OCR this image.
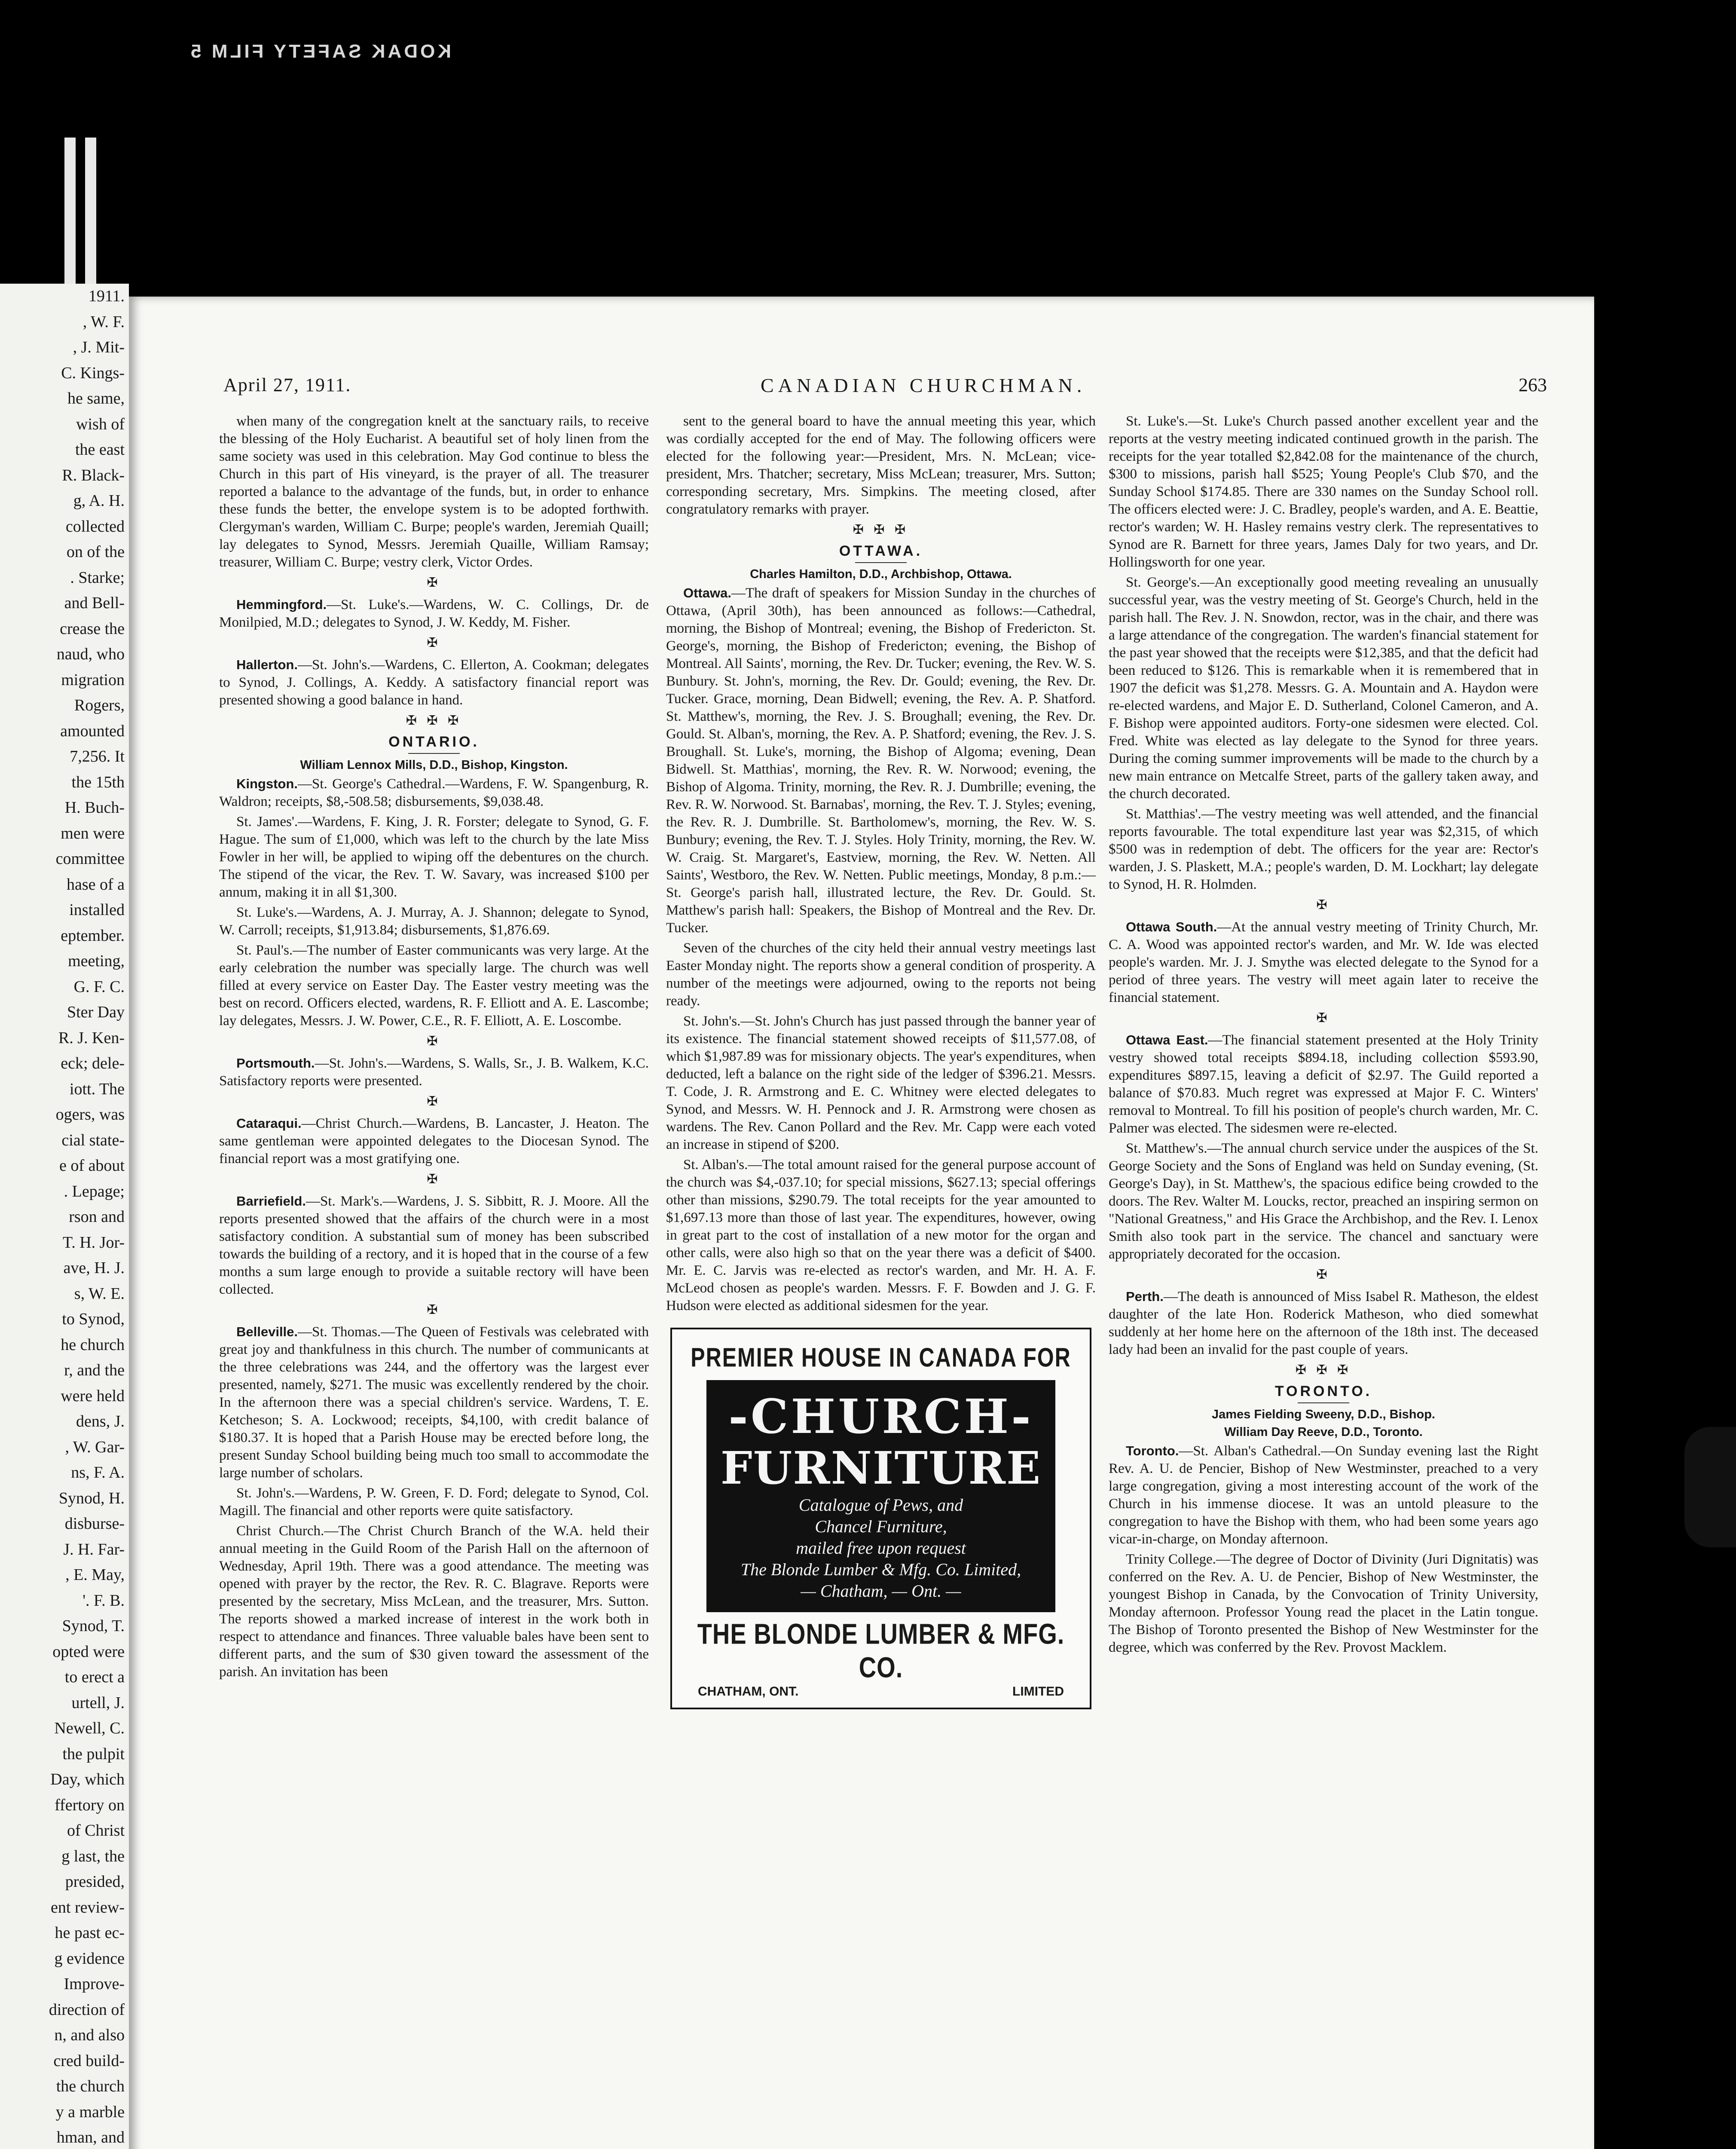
KODAK SAFETY FILM 5
1911.
, W. F.
, J. Mit-
C. Kings-
he same,
wish of
the east
R. Black-
g, A. H.
collected
on of the
. Starke;
and Bell-
crease the
naud, who
migration
Rogers,
amounted
7,256. It
the 15th
H. Buch-
men were
committee
hase of a
installed
eptember.
meeting,
G. F. C.
Ster Day
R. J. Ken-
eck; dele-
iott. The
ogers, was
cial state-
e of about
. Lepage;
rson and
T. H. Jor-
ave, H. J.
s, W. E.
to Synod,
he church
r, and the
were held
dens, J.
, W. Gar-
ns, F. A.
Synod, H.
disburse-
J. H. Far-
, E. May,
'. F. B.
Synod, T.
opted were
to erect a
urtell, J.
Newell, C.
the pulpit
Day, which
ffertory on
of Christ
g last, the
presided,
ent review-
he past ec-
g evidence
Improve-
direction of
n, and also
cred build-
the church
y a marble
hman, and
April 27, 1911.	CANADIAN CHURCHMAN.	263

when many of the congregation knelt at the sanctuary rails, to receive the blessing of the Holy Eucharist. A beautiful set of holy linen from the same society was used in this celebration. May God continue to bless the Church in this part of His vineyard, is the prayer of all. The treasurer reported a balance to the advantage of the funds, but, in order to enhance these funds the better, the envelope system is to be adopted forthwith. Clergyman's warden, William C. Burpe; people's warden, Jeremiah Quaill; lay delegates to Synod, Messrs. Jeremiah Quaille, William Ramsay; treasurer, William C. Burpe; vestry clerk, Victor Ordes.

✠

Hemmingford.—St. Luke's.—Wardens, W. C. Collings, Dr. de Monilpied, M.D.; delegates to Synod, J. W. Keddy, M. Fisher.

✠

Hallerton.—St. John's.—Wardens, C. Ellerton, A. Cookman; delegates to Synod, J. Collings, A. Keddy. A satisfactory financial report was presented showing a good balance in hand.

✠ ✠ ✠
ONTARIO.
William Lennox Mills, D.D., Bishop, Kingston.

Kingston.—St. George's Cathedral.—Wardens, F. W. Spangenburg, R. Waldron; receipts, $8,-508.58; disbursements, $9,038.48.

St. James'.—Wardens, F. King, J. R. Forster; delegate to Synod, G. F. Hague. The sum of £1,000, which was left to the church by the late Miss Fowler in her will, be applied to wiping off the debentures on the church. The stipend of the vicar, the Rev. T. W. Savary, was increased $100 per annum, making it in all $1,300.

St. Luke's.—Wardens, A. J. Murray, A. J. Shannon; delegate to Synod, W. Carroll; receipts, $1,913.84; disbursements, $1,876.69.

St. Paul's.—The number of Easter communicants was very large. At the early celebration the number was specially large. The church was well filled at every service on Easter Day. The Easter vestry meeting was the best on record. Officers elected, wardens, R. F. Elliott and A. E. Lascombe; lay delegates, Messrs. J. W. Power, C.E., R. F. Elliott, A. E. Loscombe.

✠

Portsmouth.—St. John's.—Wardens, S. Walls, Sr., J. B. Walkem, K.C. Satisfactory reports were presented.

✠

Cataraqui.—Christ Church.—Wardens, B. Lancaster, J. Heaton. The same gentleman were appointed delegates to the Diocesan Synod. The financial report was a most gratifying one.

✠

Barriefield.—St. Mark's.—Wardens, J. S. Sibbitt, R. J. Moore. All the reports presented showed that the affairs of the church were in a most satisfactory condition. A substantial sum of money has been subscribed towards the building of a rectory, and it is hoped that in the course of a few months a sum large enough to provide a suitable rectory will have been collected.

✠

Belleville.—St. Thomas.—The Queen of Festivals was celebrated with great joy and thankfulness in this church. The number of communicants at the three celebrations was 244, and the offertory was the largest ever presented, namely, $271. The music was excellently rendered by the choir. In the afternoon there was a special children's service. Wardens, T. E. Ketcheson; S. A. Lockwood; receipts, $4,100, with credit balance of $180.37. It is hoped that a Parish House may be erected before long, the present Sunday School building being much too small to accommodate the large number of scholars.

St. John's.—Wardens, P. W. Green, F. D. Ford; delegate to Synod, Col. Magill. The financial and other reports were quite satisfactory.

Christ Church.—The Christ Church Branch of the W.A. held their annual meeting in the Guild Room of the Parish Hall on the afternoon of Wednesday, April 19th. There was a good attendance. The meeting was opened with prayer by the rector, the Rev. R. C. Blagrave. Reports were presented by the secretary, Miss McLean, and the treasurer, Mrs. Sutton. The reports showed a marked increase of interest in the work both in respect to attendance and finances. Three valuable bales have been sent to different parts, and the sum of $30 given toward the assessment of the parish. An invitation has been

sent to the general board to have the annual meeting this year, which was cordially accepted for the end of May. The following officers were elected for the following year:—President, Mrs. N. McLean; vice-president, Mrs. Thatcher; secretary, Miss McLean; treasurer, Mrs. Sutton; corresponding secretary, Mrs. Simpkins. The meeting closed, after congratulatory remarks with prayer.

✠ ✠ ✠
OTTAWA.
Charles Hamilton, D.D., Archbishop, Ottawa.

Ottawa.—The draft of speakers for Mission Sunday in the churches of Ottawa, (April 30th), has been announced as follows:—Cathedral, morning, the Bishop of Montreal; evening, the Bishop of Fredericton. St. George's, morning, the Bishop of Fredericton; evening, the Bishop of Montreal. All Saints', morning, the Rev. Dr. Tucker; evening, the Rev. W. S. Bunbury. St. John's, morning, the Rev. Dr. Gould; evening, the Rev. Dr. Tucker. Grace, morning, Dean Bidwell; evening, the Rev. A. P. Shatford. St. Matthew's, morning, the Rev. J. S. Broughall; evening, the Rev. Dr. Gould. St. Alban's, morning, the Rev. A. P. Shatford; evening, the Rev. J. S. Broughall. St. Luke's, morning, the Bishop of Algoma; evening, Dean Bidwell. St. Matthias', morning, the Rev. R. W. Norwood; evening, the Bishop of Algoma. Trinity, morning, the Rev. R. J. Dumbrille; evening, the Rev. R. W. Norwood. St. Barnabas', morning, the Rev. T. J. Styles; evening, the Rev. R. J. Dumbrille. St. Bartholomew's, morning, the Rev. W. S. Bunbury; evening, the Rev. T. J. Styles. Holy Trinity, morning, the Rev. W. W. Craig. St. Margaret's, Eastview, morning, the Rev. W. Netten. All Saints', Westboro, the Rev. W. Netten. Public meetings, Monday, 8 p.m.:—St. George's parish hall, illustrated lecture, the Rev. Dr. Gould. St. Matthew's parish hall: Speakers, the Bishop of Montreal and the Rev. Dr. Tucker.

Seven of the churches of the city held their annual vestry meetings last Easter Monday night. The reports show a general condition of prosperity. A number of the meetings were adjourned, owing to the reports not being ready.

St. John's.—St. John's Church has just passed through the banner year of its existence. The financial statement showed receipts of $11,577.08, of which $1,987.89 was for missionary objects. The year's expenditures, when deducted, left a balance on the right side of the ledger of $396.21. Messrs. T. Code, J. R. Armstrong and E. C. Whitney were elected delegates to Synod, and Messrs. W. H. Pennock and J. R. Armstrong were chosen as wardens. The Rev. Canon Pollard and the Rev. Mr. Capp were each voted an increase in stipend of $200.

St. Alban's.—The total amount raised for the general purpose account of the church was $4,-037.10; for special missions, $627.13; special offerings other than missions, $290.79. The total receipts for the year amounted to $1,697.13 more than those of last year. The expenditures, however, owing in great part to the cost of installation of a new motor for the organ and other calls, were also high so that on the year there was a deficit of $400. Mr. E. C. Jarvis was re-elected as rector's warden, and Mr. H. A. F. McLeod chosen as people's warden. Messrs. F. F. Bowden and J. G. F. Hudson were elected as additional sidesmen for the year.

PREMIER HOUSE IN CANADA FOR
-CHURCH-
FURNITURE
Catalogue of Pews, and
Chancel Furniture,
mailed free upon request
The Blonde Lumber & Mfg. Co. Limited,
— Chatham, — Ont. —
THE BLONDE LUMBER & MFG. CO.
CHATHAM, ONT.	LIMITED

St. Luke's.—St. Luke's Church passed another excellent year and the reports at the vestry meeting indicated continued growth in the parish. The receipts for the year totalled $2,842.08 for the maintenance of the church, $300 to missions, parish hall $525; Young People's Club $70, and the Sunday School $174.85. There are 330 names on the Sunday School roll. The officers elected were: J. C. Bradley, people's warden, and A. E. Beattie, rector's warden; W. H. Hasley remains vestry clerk. The representatives to Synod are R. Barnett for three years, James Daly for two years, and Dr. Hollingsworth for one year.

St. George's.—An exceptionally good meeting revealing an unusually successful year, was the vestry meeting of St. George's Church, held in the parish hall. The Rev. J. N. Snowdon, rector, was in the chair, and there was a large attendance of the congregation. The warden's financial statement for the past year showed that the receipts were $12,385, and that the deficit had been reduced to $126. This is remarkable when it is remembered that in 1907 the deficit was $1,278. Messrs. G. A. Mountain and A. Haydon were re-elected wardens, and Major E. D. Sutherland, Colonel Cameron, and A. F. Bishop were appointed auditors. Forty-one sidesmen were elected. Col. Fred. White was elected as lay delegate to the Synod for three years. During the coming summer improvements will be made to the church by a new main entrance on Metcalfe Street, parts of the gallery taken away, and the church decorated.

St. Matthias'.—The vestry meeting was well attended, and the financial reports favourable. The total expenditure last year was $2,315, of which $500 was in redemption of debt. The officers for the year are: Rector's warden, J. S. Plaskett, M.A.; people's warden, D. M. Lockhart; lay delegate to Synod, H. R. Holmden.

✠

Ottawa South.—At the annual vestry meeting of Trinity Church, Mr. C. A. Wood was appointed rector's warden, and Mr. W. Ide was elected people's warden. Mr. J. J. Smythe was elected delegate to the Synod for a period of three years. The vestry will meet again later to receive the financial statement.

✠

Ottawa East.—The financial statement presented at the Holy Trinity vestry showed total receipts $894.18, including collection $593.90, expenditures $897.15, leaving a deficit of $2.97. The Guild reported a balance of $70.83. Much regret was expressed at Major F. C. Winters' removal to Montreal. To fill his position of people's church warden, Mr. C. Palmer was elected. The sidesmen were re-elected.

St. Matthew's.—The annual church service under the auspices of the St. George Society and the Sons of England was held on Sunday evening, (St. George's Day), in St. Matthew's, the spacious edifice being crowded to the doors. The Rev. Walter M. Loucks, rector, preached an inspiring sermon on "National Greatness," and His Grace the Archbishop, and the Rev. I. Lenox Smith also took part in the service. The chancel and sanctuary were appropriately decorated for the occasion.

✠

Perth.—The death is announced of Miss Isabel R. Matheson, the eldest daughter of the late Hon. Roderick Matheson, who died somewhat suddenly at her home here on the afternoon of the 18th inst. The deceased lady had been an invalid for the past couple of years.

✠ ✠ ✠
TORONTO.
James Fielding Sweeny, D.D., Bishop.
William Day Reeve, D.D., Toronto.

Toronto.—St. Alban's Cathedral.—On Sunday evening last the Right Rev. A. U. de Pencier, Bishop of New Westminster, preached to a very large congregation, giving a most interesting account of the work of the Church in his immense diocese. It was an untold pleasure to the congregation to have the Bishop with them, who had been some years ago vicar-in-charge, on Monday afternoon.

Trinity College.—The degree of Doctor of Divinity (Juri Dignitatis) was conferred on the Rev. A. U. de Pencier, Bishop of New Westminster, the youngest Bishop in Canada, by the Convocation of Trinity University, Monday afternoon. Professor Young read the placet in the Latin tongue. The Bishop of Toronto presented the Bishop of New Westminster for the degree, which was conferred by the Rev. Provost Macklem.
